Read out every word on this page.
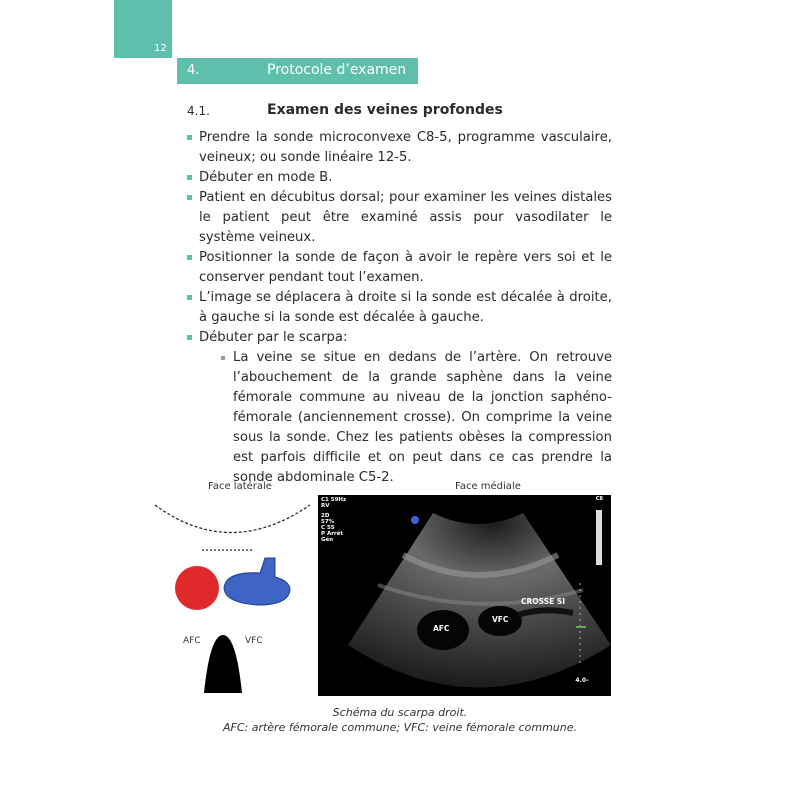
12
4.	Protocole d’examen
4.1.	Examen des veines profondes
Prendre la sonde microconvexe C8-5, programme vasculaire, veineux; ou sonde linéaire 12-5.
Débuter en mode B.
Patient en décubitus dorsal; pour examiner les veines distales le patient peut être examiné assis pour vasodilater le système veineux.
Positionner la sonde de façon à avoir le repère vers soi et le conserver pendant tout l’examen.
L’image se déplacera à droite si la sonde est décalée à droite, à gauche si la sonde est décalée à gauche.
Débuter par le scarpa:
La veine se situe en dedans de l’artère. On retrouve l’abouchement de la grande saphène dans la veine fémorale commune au niveau de la jonction saphéno-fémorale (anciennement crosse). On comprime la veine sous la sonde. Chez les patients obèses la compression est parfois difficile et on peut dans ce cas prendre la sonde abdominale C5-2.
Face latérale	Face médiale
AFC	VFC
C1 59Hz
RV
2D
57%
C 55
P Arrêt
Gén
C8
AFC
VFC
CROSSE SI
4.0–
Schéma du scarpa droit.
AFC: artère fémorale commune; VFC: veine fémorale commune.
